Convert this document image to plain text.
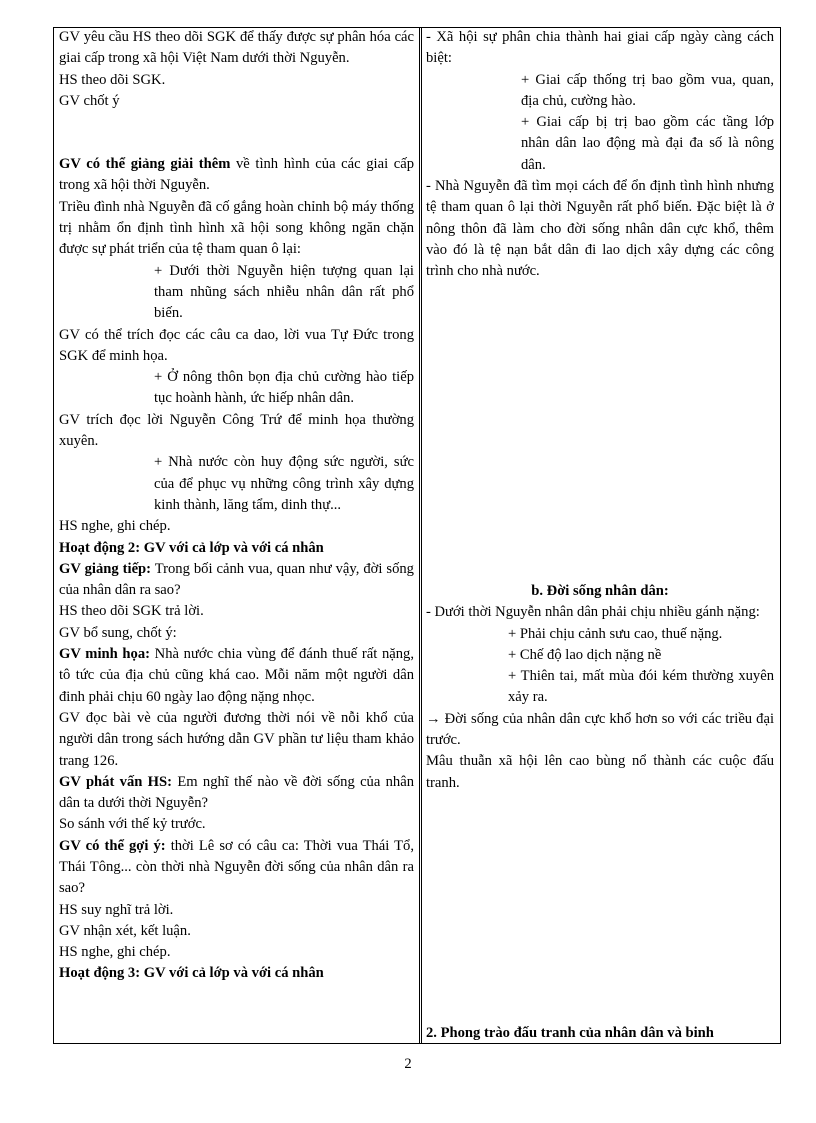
GV yêu cầu HS theo dõi SGK để thấy được sự phân hóa các giai cấp trong xã hội Việt Nam dưới thời Nguyễn.

HS theo dõi SGK.

GV chốt ý

GV có thể giảng giải thêm về tình hình của các giai cấp trong xã hội thời Nguyễn.

Triều đình nhà Nguyễn đã cố gắng hoàn chỉnh bộ máy thống trị nhằm ổn định tình hình xã hội song không ngăn chặn được sự phát triển của tệ tham quan ô lại:

+ Dưới thời Nguyễn hiện tượng quan lại tham nhũng sách nhiễu nhân dân rất phổ biến.

GV có thể trích đọc các câu ca dao, lời vua Tự Đức trong SGK để minh họa.

+ Ở nông thôn bọn địa chủ cường hào tiếp tục hoành hành, ức hiếp nhân dân.

GV trích đọc lời Nguyễn Công Trứ để minh họa thường xuyên.

+ Nhà nước còn huy động sức người, sức của để phục vụ những công trình xây dựng kinh thành, lăng tẩm, dinh thự...

HS nghe, ghi chép.

Hoạt động 2: GV với cả lớp và với cá nhân

GV giảng tiếp: Trong bối cảnh vua, quan như vậy, đời sống của nhân dân ra sao?

HS theo dõi SGK trả lời.

GV bổ sung, chốt ý:

GV minh họa: Nhà nước chia vùng để đánh thuế rất nặng, tô tức của địa chủ cũng khá cao. Mỗi năm một người dân đinh phải chịu 60 ngày lao động nặng nhọc.

GV đọc bài vè của người đương thời nói về nỗi khổ của người dân trong sách hướng dẫn GV phần tư liệu tham khảo trang 126.

GV phát vấn HS: Em nghĩ thế nào về đời sống của nhân dân ta dưới thời Nguyễn?

So sánh với thế kỷ trước.

GV có thể gợi ý: thời Lê sơ có câu ca: Thời vua Thái Tổ, Thái Tông... còn thời nhà Nguyễn đời sống của nhân dân ra sao?

HS suy nghĩ trả lời.

GV nhận xét, kết luận.

HS nghe, ghi chép.

Hoạt động 3: GV với cả lớp và với cá nhân

- Xã hội sự phân chia thành hai giai cấp ngày càng cách biệt:

+ Giai cấp thống trị bao gồm vua, quan, địa chủ, cường hào.

+ Giai cấp bị trị bao gồm các tầng lớp nhân dân lao động mà đại đa số là nông dân.

- Nhà Nguyễn đã tìm mọi cách để ổn định tình hình nhưng tệ tham quan ô lại thời Nguyễn rất phổ biến. Đặc biệt là ở nông thôn đã làm cho đời sống nhân dân cực khổ, thêm vào đó là tệ nạn bắt dân đi lao dịch xây dựng các công trình cho nhà nước.

b. Đời sống nhân dân:

- Dưới thời Nguyễn nhân dân phải chịu nhiều gánh nặng:

+ Phải chịu cảnh sưu cao, thuế nặng.

+ Chế độ lao dịch nặng nề

+ Thiên tai, mất mùa đói kém thường xuyên xảy ra.

→ Đời sống của nhân dân cực khổ hơn so với các triều đại trước.

Mâu thuẫn xã hội lên cao bùng nổ thành các cuộc đấu tranh.

2. Phong trào đấu tranh của nhân dân và binh

2
